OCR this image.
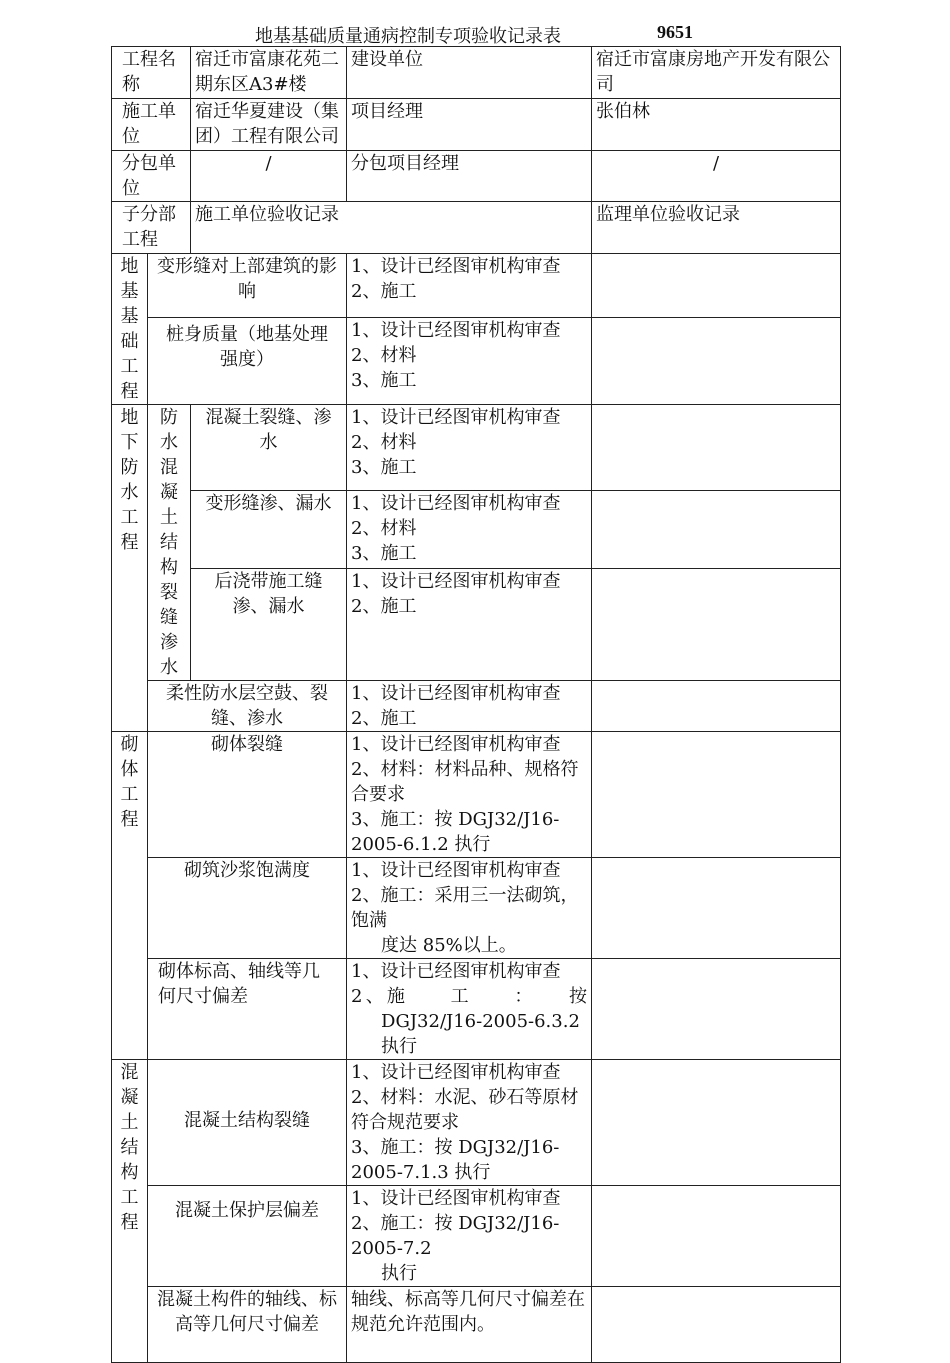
地基基础质量通病控制专项验收记录表	9651
工程名称		宿迁市富康花苑二期东区A3#楼	建设单位	宿迁市富康房地产开发有限公司
施工单位		宿迁华夏建设（集团）工程有限公司	项目经理	张伯林
分包单位		/	分包项目经理	/
子分部工程		施工单位验收记录		监理单位验收记录

地基基础工程	变形缝对上部建筑的影响		1、设计已经图审机构审查
2、施工	

	桩身质量（地基处理强度）		1、设计已经图审机构审查
2、材料
3、施工	

地下防水工程	防水混凝土结构裂缝渗水	混凝土裂缝、渗水	1、设计已经图审机构审查
2、材料
3、施工	

		变形缝渗、漏水	1、设计已经图审机构审查
2、材料
3、施工	

		后浇带施工缝渗、漏水	1、设计已经图审机构审查
2、施工	

	柔性防水层空鼓、裂缝、渗水		1、设计已经图审机构审查
2、施工	

砌体工程	砌体裂缝		1、设计已经图审机构审查
2、材料：材料品种、规格符合要求
3、施工：按 DGJ32/J16-2005-6.1.2 执行	

	砌筑沙浆饱满度		1、设计已经图审机构审查
2、施工：采用三一法砌筑，饱满
度达 85%以上。	

	砌体标高、轴线等几何尺寸偏差		1、设计已经图审机构审查
2、施　　工　　：　　按
DGJ32/J16-2005-6.3.2 执行	

混凝土结构工程	混凝土结构裂缝		1、设计已经图审机构审查
2、材料：水泥、砂石等原材符合规范要求
3、施工：按 DGJ32/J16-2005-7.1.3 执行	

	混凝土保护层偏差		1、设计已经图审机构审查
2、施工：按 DGJ32/J16-2005-7.2
执行	

	混凝土构件的轴线、标高等几何尺寸偏差		轴线、标高等几何尺寸偏差在规范允许范围内。	
